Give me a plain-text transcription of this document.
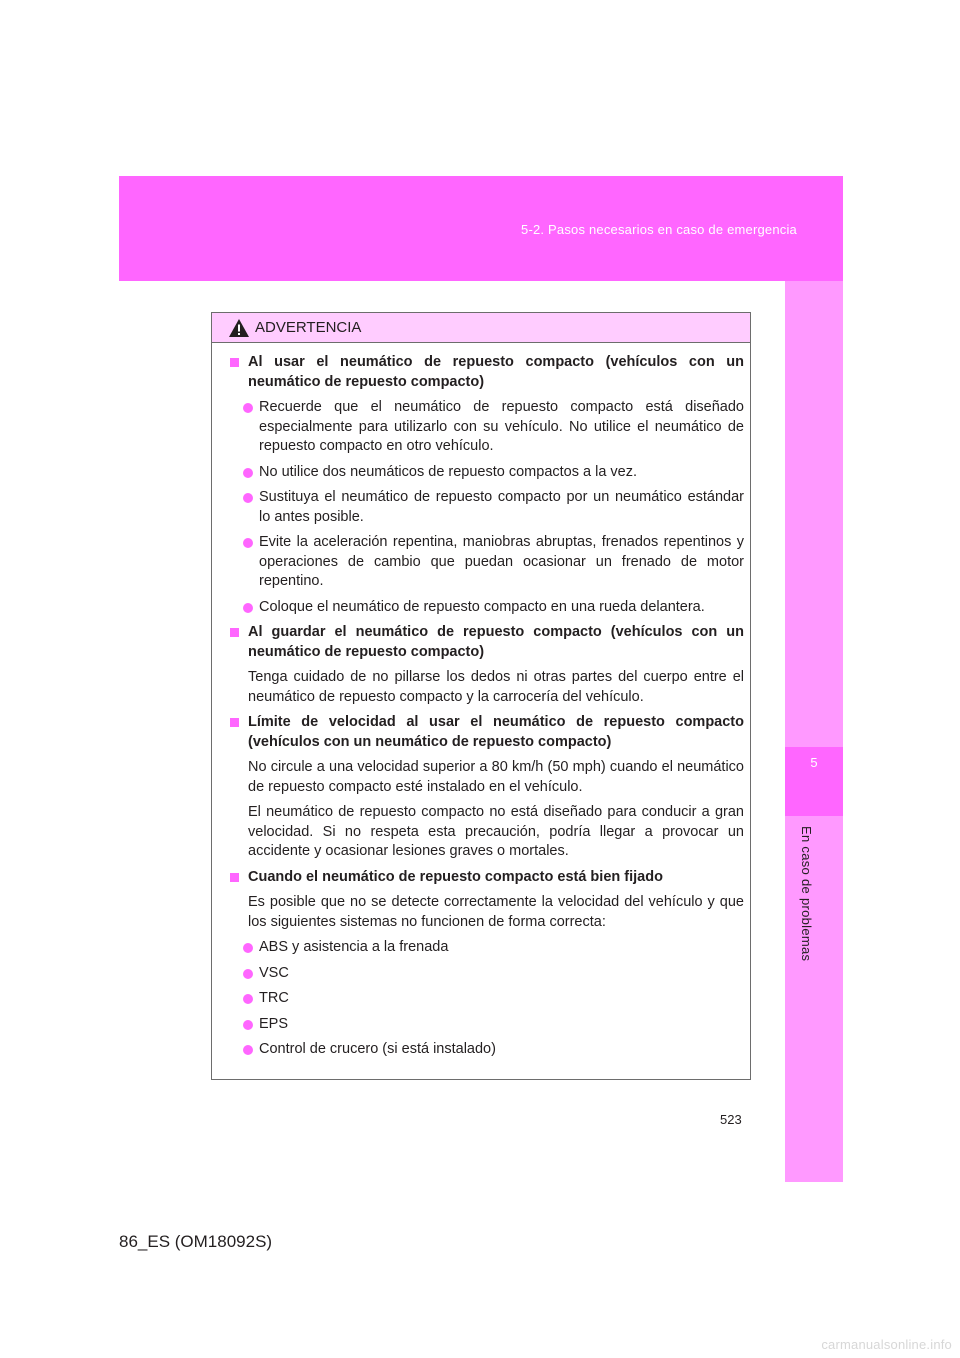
5-2. Pasos necesarios en caso de emergencia
5
En caso de problemas
ADVERTENCIA
Al usar el neumático de repuesto compacto (vehículos con un neumático de repuesto compacto)
Recuerde que el neumático de repuesto compacto está diseñado especialmente para utilizarlo con su vehículo. No utilice el neumático de repuesto compacto en otro vehículo.
No utilice dos neumáticos de repuesto compactos a la vez.
Sustituya el neumático de repuesto compacto por un neumático estándar lo antes posible.
Evite la aceleración repentina, maniobras abruptas, frenados repentinos y operaciones de cambio que puedan ocasionar un frenado de motor repentino.
Coloque el neumático de repuesto compacto en una rueda delantera.
Al guardar el neumático de repuesto compacto (vehículos con un neumático de repuesto compacto)
Tenga cuidado de no pillarse los dedos ni otras partes del cuerpo entre el neumático de repuesto compacto y la carrocería del vehículo.
Límite de velocidad al usar el neumático de repuesto compacto (vehículos con un neumático de repuesto compacto)
No circule a una velocidad superior a 80 km/h (50 mph) cuando el neumático de repuesto compacto esté instalado en el vehículo.
El neumático de repuesto compacto no está diseñado para conducir a gran velocidad. Si no respeta esta precaución, podría llegar a provocar un accidente y ocasionar lesiones graves o mortales.
Cuando el neumático de repuesto compacto está bien fijado
Es posible que no se detecte correctamente la velocidad del vehículo y que los siguientes sistemas no funcionen de forma correcta:
ABS y asistencia a la frenada
VSC
TRC
EPS
Control de crucero (si está instalado)
523
86_ES (OM18092S)
carmanualsonline.info
